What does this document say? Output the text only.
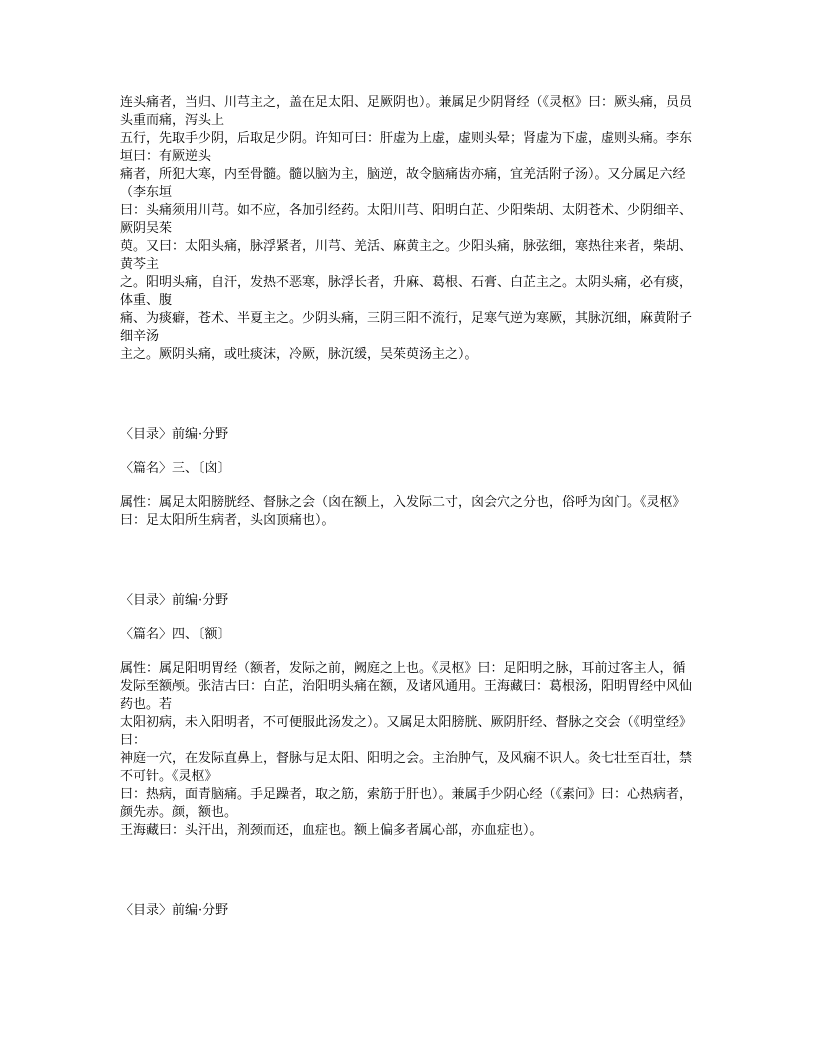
连头痛者，当归、川芎主之，盖在足太阳、足厥阴也）。兼属足少阴肾经（《灵枢》曰：厥头痛，员员头重而痛，泻头上
五行，先取手少阴，后取足少阴。许知可曰：肝虚为上虚，虚则头晕；肾虚为下虚，虚则头痛。李东垣曰：有厥逆头
痛者，所犯大寒，内至骨髓。髓以脑为主，脑逆，故令脑痛齿亦痛，宜羌活附子汤）。又分属足六经（李东垣
曰：头痛须用川芎。如不应，各加引经药。太阳川芎、阳明白芷、少阳柴胡、太阴苍术、少阴细辛、厥阴吴茱
萸。又曰：太阳头痛，脉浮紧者，川芎、羌活、麻黄主之。少阳头痛，脉弦细，寒热往来者，柴胡、黄芩主
之。阳明头痛，自汗，发热不恶寒，脉浮长者，升麻、葛根、石膏、白芷主之。太阴头痛，必有痰，体重、腹
痛、为痰癖，苍术、半夏主之。少阴头痛，三阴三阳不流行，足寒气逆为寒厥，其脉沉细，麻黄附子细辛汤
主之。厥阴头痛，或吐痰沫，冷厥，脉沉缓，吴茱萸汤主之）。

〈目录〉前编·分野

〈篇名〉三、〔囟〕

属性：属足太阳膀胱经、督脉之会（囟在额上，入发际二寸，囟会穴之分也，俗呼为囟门。《灵枢》
曰：足太阳所生病者，头囟顶痛也）。

〈目录〉前编·分野

〈篇名〉四、〔额〕

属性：属足阳明胃经（额者，发际之前，阙庭之上也。《灵枢》曰：足阳明之脉，耳前过客主人，循
发际至额颅。张洁古曰：白芷，治阳明头痛在额，及诸风通用。王海藏曰：葛根汤，阳明胃经中风仙药也。若
太阳初病，未入阳明者，不可便服此汤发之）。又属足太阳膀胱、厥阴肝经、督脉之交会（《明堂经》曰：
神庭一穴，在发际直鼻上，督脉与足太阳、阳明之会。主治肿气，及风痫不识人。灸七壮至百壮，禁不可针。《灵枢》
曰：热病，面青脑痛。手足躁者，取之筋，索筋于肝也）。兼属手少阴心经（《素问》曰：心热病者，颜先赤。颜，额也。
王海藏曰：头汗出，剂颈而还，血症也。额上偏多者属心部，亦血症也）。

〈目录〉前编·分野
